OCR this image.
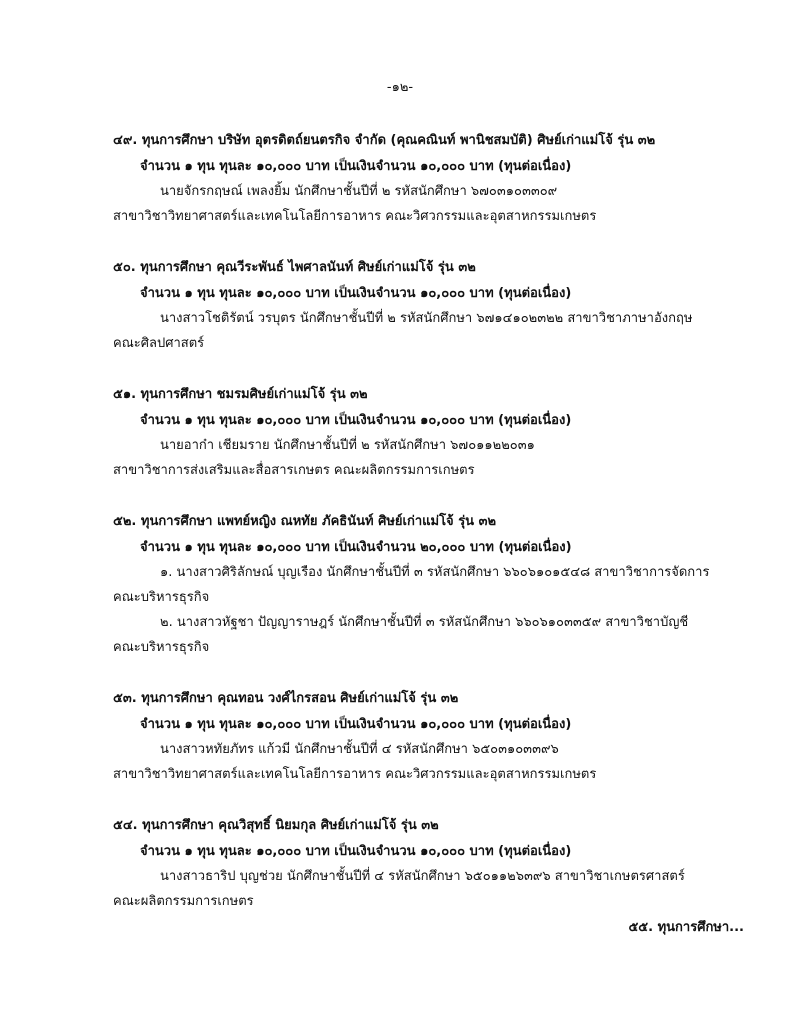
-๑๒-
๔๙. ทุนการศึกษา บริษัท อุตรดิตถ์ยนตรกิจ จำกัด (คุณคณินท์ พานิชสมบัติ) ศิษย์เก่าแม่โจ้ รุ่น ๓๒
จำนวน ๑ ทุน ทุนละ ๑๐,๐๐๐ บาท เป็นเงินจำนวน ๑๐,๐๐๐ บาท (ทุนต่อเนื่อง)
นายจักรกฤษณ์ เพลงยิ้ม นักศึกษาชั้นปีที่ ๒ รหัสนักศึกษา ๖๗๐๓๑๐๓๓๐๙
สาขาวิชาวิทยาศาสตร์และเทคโนโลยีการอาหาร คณะวิศวกรรมและอุตสาหกรรมเกษตร
๕๐. ทุนการศึกษา คุณวีระพันธ์ ไพศาลนันท์ ศิษย์เก่าแม่โจ้ รุ่น ๓๒
จำนวน ๑ ทุน ทุนละ ๑๐,๐๐๐ บาท เป็นเงินจำนวน ๑๐,๐๐๐ บาท (ทุนต่อเนื่อง)
นางสาวโชติรัตน์ วรบุตร นักศึกษาชั้นปีที่ ๒ รหัสนักศึกษา ๖๗๑๔๑๐๒๓๒๒ สาขาวิชาภาษาอังกฤษ
คณะศิลปศาสตร์
๕๑. ทุนการศึกษา ชมรมศิษย์เก่าแม่โจ้ รุ่น ๓๒
จำนวน ๑ ทุน ทุนละ ๑๐,๐๐๐ บาท เป็นเงินจำนวน ๑๐,๐๐๐ บาท (ทุนต่อเนื่อง)
นายอาก๋า เชียมราย นักศึกษาชั้นปีที่ ๒ รหัสนักศึกษา ๖๗๐๑๑๒๒๐๓๑
สาขาวิชาการส่งเสริมและสื่อสารเกษตร คณะผลิตกรรมการเกษตร
๕๒. ทุนการศึกษา แพทย์หญิง ณหทัย ภัคธินันท์ ศิษย์เก่าแม่โจ้ รุ่น ๓๒
จำนวน ๑ ทุน ทุนละ ๑๐,๐๐๐ บาท เป็นเงินจำนวน ๒๐,๐๐๐ บาท (ทุนต่อเนื่อง)
๑. นางสาวศิริลักษณ์ บุญเรือง นักศึกษาชั้นปีที่ ๓ รหัสนักศึกษา ๖๖๐๖๑๐๑๕๔๘ สาขาวิชาการจัดการ
คณะบริหารธุรกิจ
๒. นางสาวหัฐชา ปัญญาราษฎร์ นักศึกษาชั้นปีที่ ๓ รหัสนักศึกษา ๖๖๐๖๑๐๓๓๕๙ สาขาวิชาบัญชี
คณะบริหารธุรกิจ
๕๓. ทุนการศึกษา คุณทอน วงศ์ไกรสอน ศิษย์เก่าแม่โจ้ รุ่น ๓๒
จำนวน ๑ ทุน ทุนละ ๑๐,๐๐๐ บาท เป็นเงินจำนวน ๑๐,๐๐๐ บาท (ทุนต่อเนื่อง)
นางสาวหทัยภัทร แก้วมี นักศึกษาชั้นปีที่ ๔ รหัสนักศึกษา ๖๕๐๓๑๐๓๓๙๖
สาขาวิชาวิทยาศาสตร์และเทคโนโลยีการอาหาร คณะวิศวกรรมและอุตสาหกรรมเกษตร
๕๔. ทุนการศึกษา คุณวิสุทธิ์ นิยมกุล ศิษย์เก่าแม่โจ้ รุ่น ๓๒
จำนวน ๑ ทุน ทุนละ ๑๐,๐๐๐ บาท เป็นเงินจำนวน ๑๐,๐๐๐ บาท (ทุนต่อเนื่อง)
นางสาวธาริป บุญช่วย นักศึกษาชั้นปีที่ ๔ รหัสนักศึกษา ๖๕๐๑๑๒๖๓๙๖ สาขาวิชาเกษตรศาสตร์
คณะผลิตกรรมการเกษตร
๕๕. ทุนการศึกษา...
